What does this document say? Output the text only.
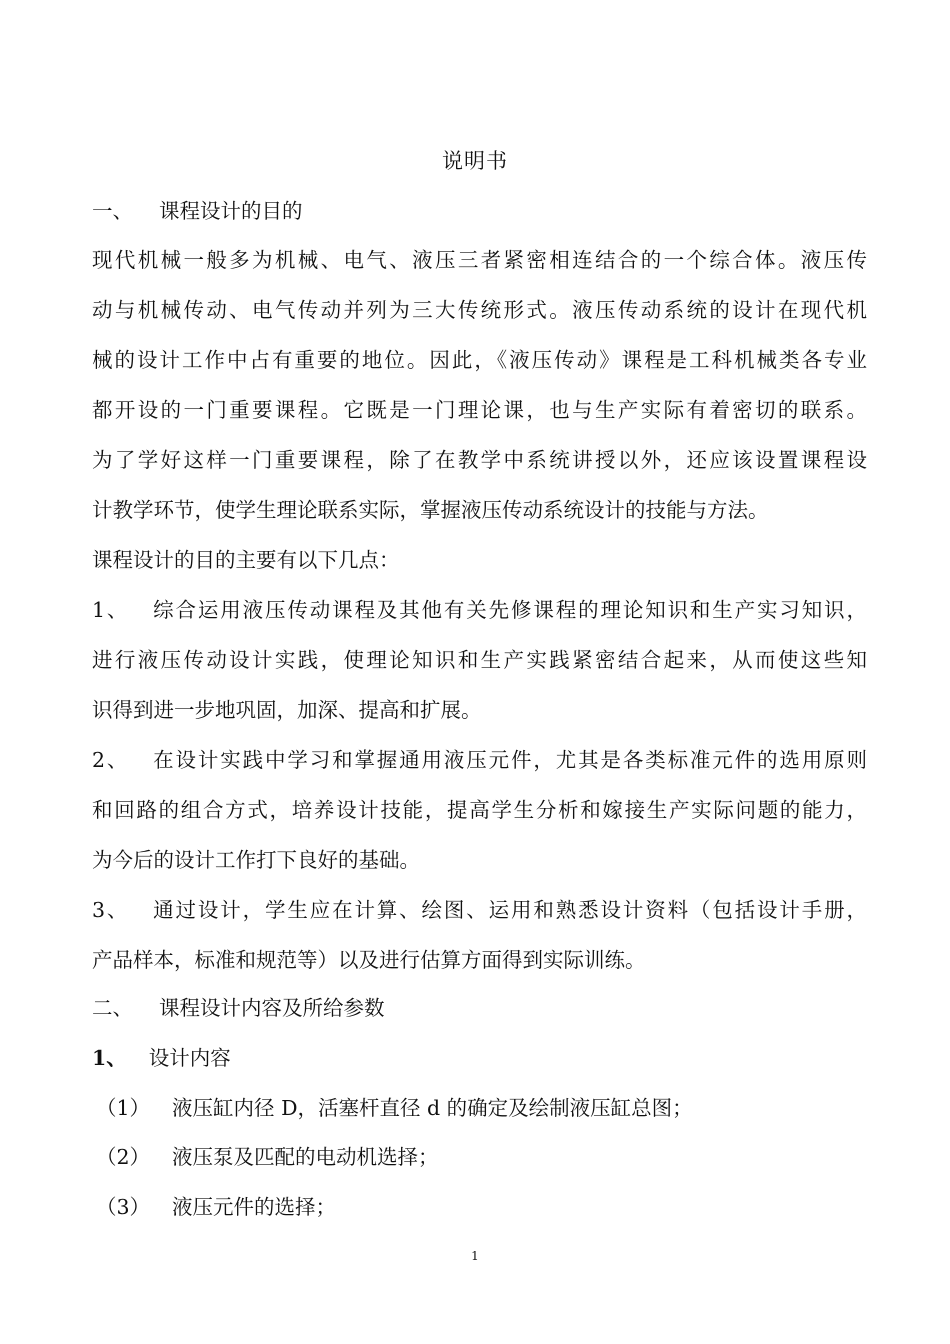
说明书
一、 课程设计的目的
现代机械一般多为机械、电气、液压三者紧密相连结合的一个综合体。液压传
动与机械传动、电气传动并列为三大传统形式。液压传动系统的设计在现代机
械的设计工作中占有重要的地位。因此，《液压传动》课程是工科机械类各专业
都开设的一门重要课程。它既是一门理论课，也与生产实际有着密切的联系。
为了学好这样一门重要课程，除了在教学中系统讲授以外，还应该设置课程设
计教学环节，使学生理论联系实际，掌握液压传动系统设计的技能与方法。
课程设计的目的主要有以下几点：
1、 综合运用液压传动课程及其他有关先修课程的理论知识和生产实习知识，
进行液压传动设计实践，使理论知识和生产实践紧密结合起来，从而使这些知
识得到进一步地巩固，加深、提高和扩展。
2、 在设计实践中学习和掌握通用液压元件，尤其是各类标准元件的选用原则
和回路的组合方式，培养设计技能，提高学生分析和嫁接生产实际问题的能力，
为今后的设计工作打下良好的基础。
3、 通过设计，学生应在计算、绘图、运用和熟悉设计资料（包括设计手册，
产品样本，标准和规范等）以及进行估算方面得到实际训练。
二、 课程设计内容及所给参数
1、 设计内容
（1） 液压缸内径 D，活塞杆直径 d 的确定及绘制液压缸总图；
（2） 液压泵及匹配的电动机选择；
（3） 液压元件的选择；
1
